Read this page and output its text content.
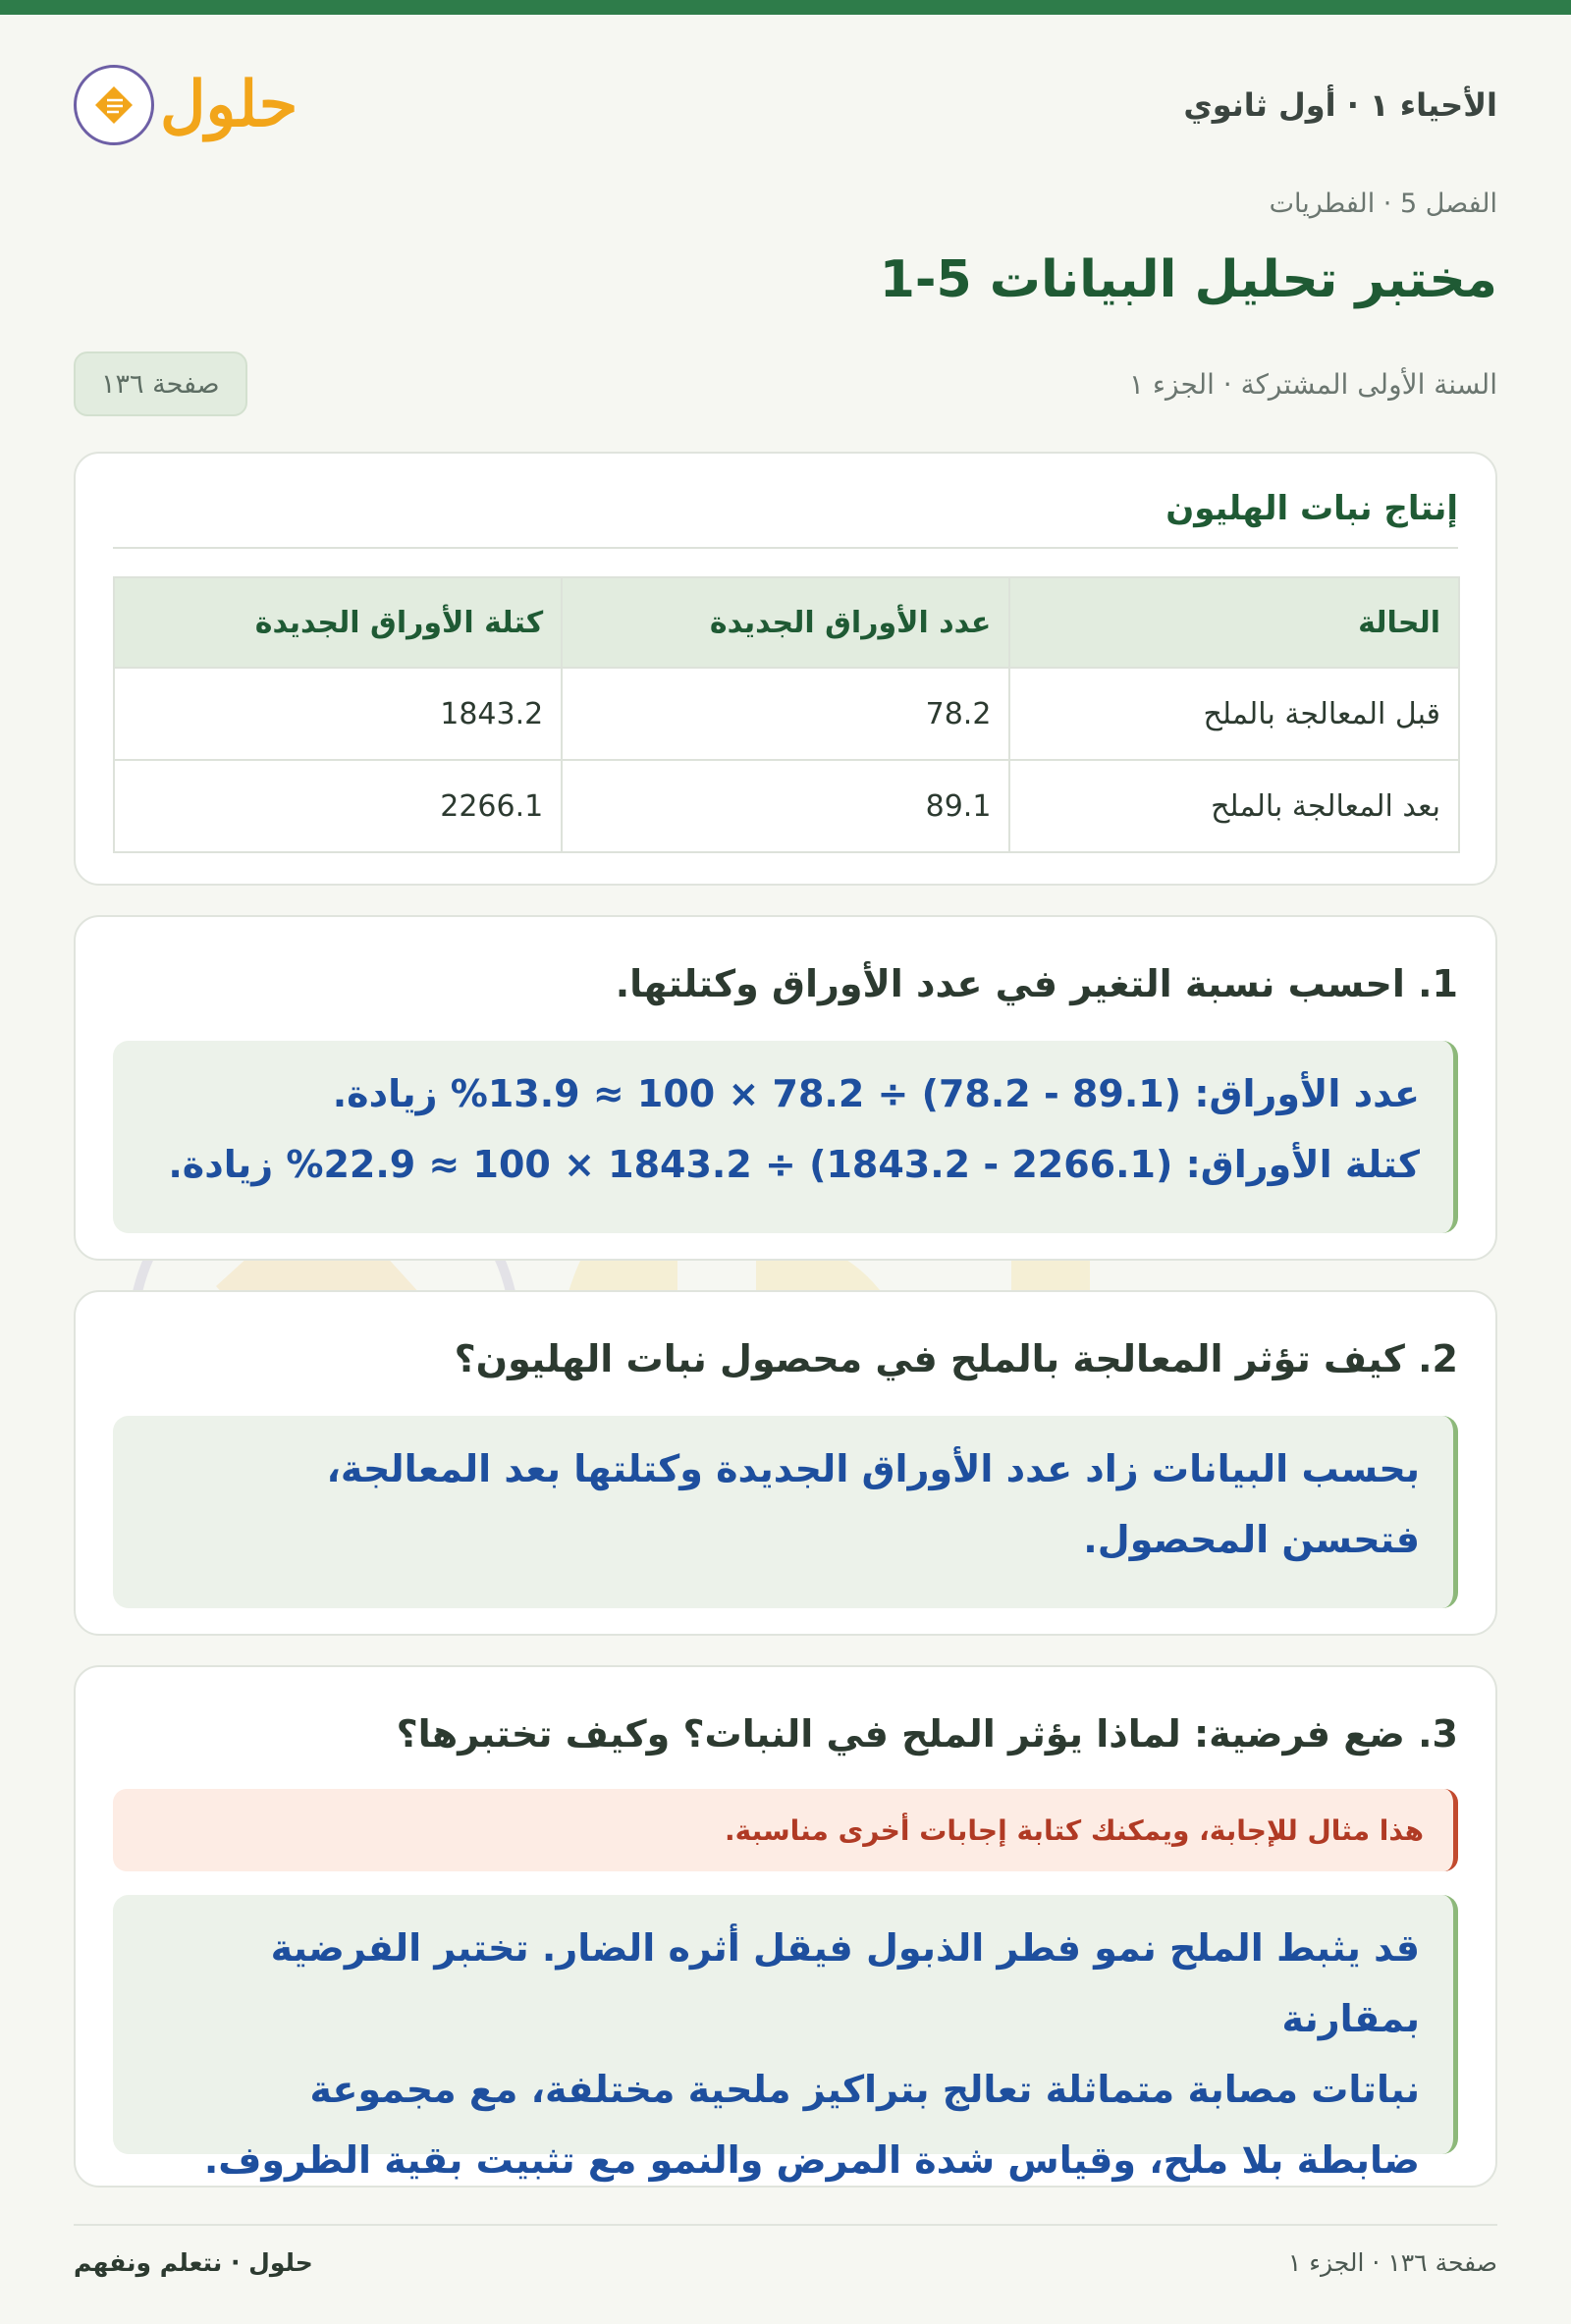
الأحياء ١ · أول ثانوي
حلول
الفصل 5 · الفطريات
مختبر تحليل البيانات 5-1
السنة الأولى المشتركة · الجزء ١
صفحة ١٣٦
إنتاج نبات الهليون
الحالة	عدد الأوراق الجديدة	كتلة الأوراق الجديدة
قبل المعالجة بالملح	78.2	1843.2
بعد المعالجة بالملح	89.1	2266.1
1. احسب نسبة التغير في عدد الأوراق وكتلتها.
عدد الأوراق: (89.1 - 78.2) ÷ 78.2 × 100 ≈ 13.9% زيادة.
كتلة الأوراق: (2266.1 - 1843.2) ÷ 1843.2 × 100 ≈ 22.9% زيادة.
2. كيف تؤثر المعالجة بالملح في محصول نبات الهليون؟
بحسب البيانات زاد عدد الأوراق الجديدة وكتلتها بعد المعالجة،
فتحسن المحصول.
3. ضع فرضية: لماذا يؤثر الملح في النبات؟ وكيف تختبرها؟
هذا مثال للإجابة، ويمكنك كتابة إجابات أخرى مناسبة.
قد يثبط الملح نمو فطر الذبول فيقل أثره الضار. تختبر الفرضية بمقارنة
نباتات مصابة متماثلة تعالج بتراكيز ملحية مختلفة، مع مجموعة
ضابطة بلا ملح، وقياس شدة المرض والنمو مع تثبيت بقية الظروف.
صفحة ١٣٦ · الجزء ١
حلول · نتعلم ونفهم
